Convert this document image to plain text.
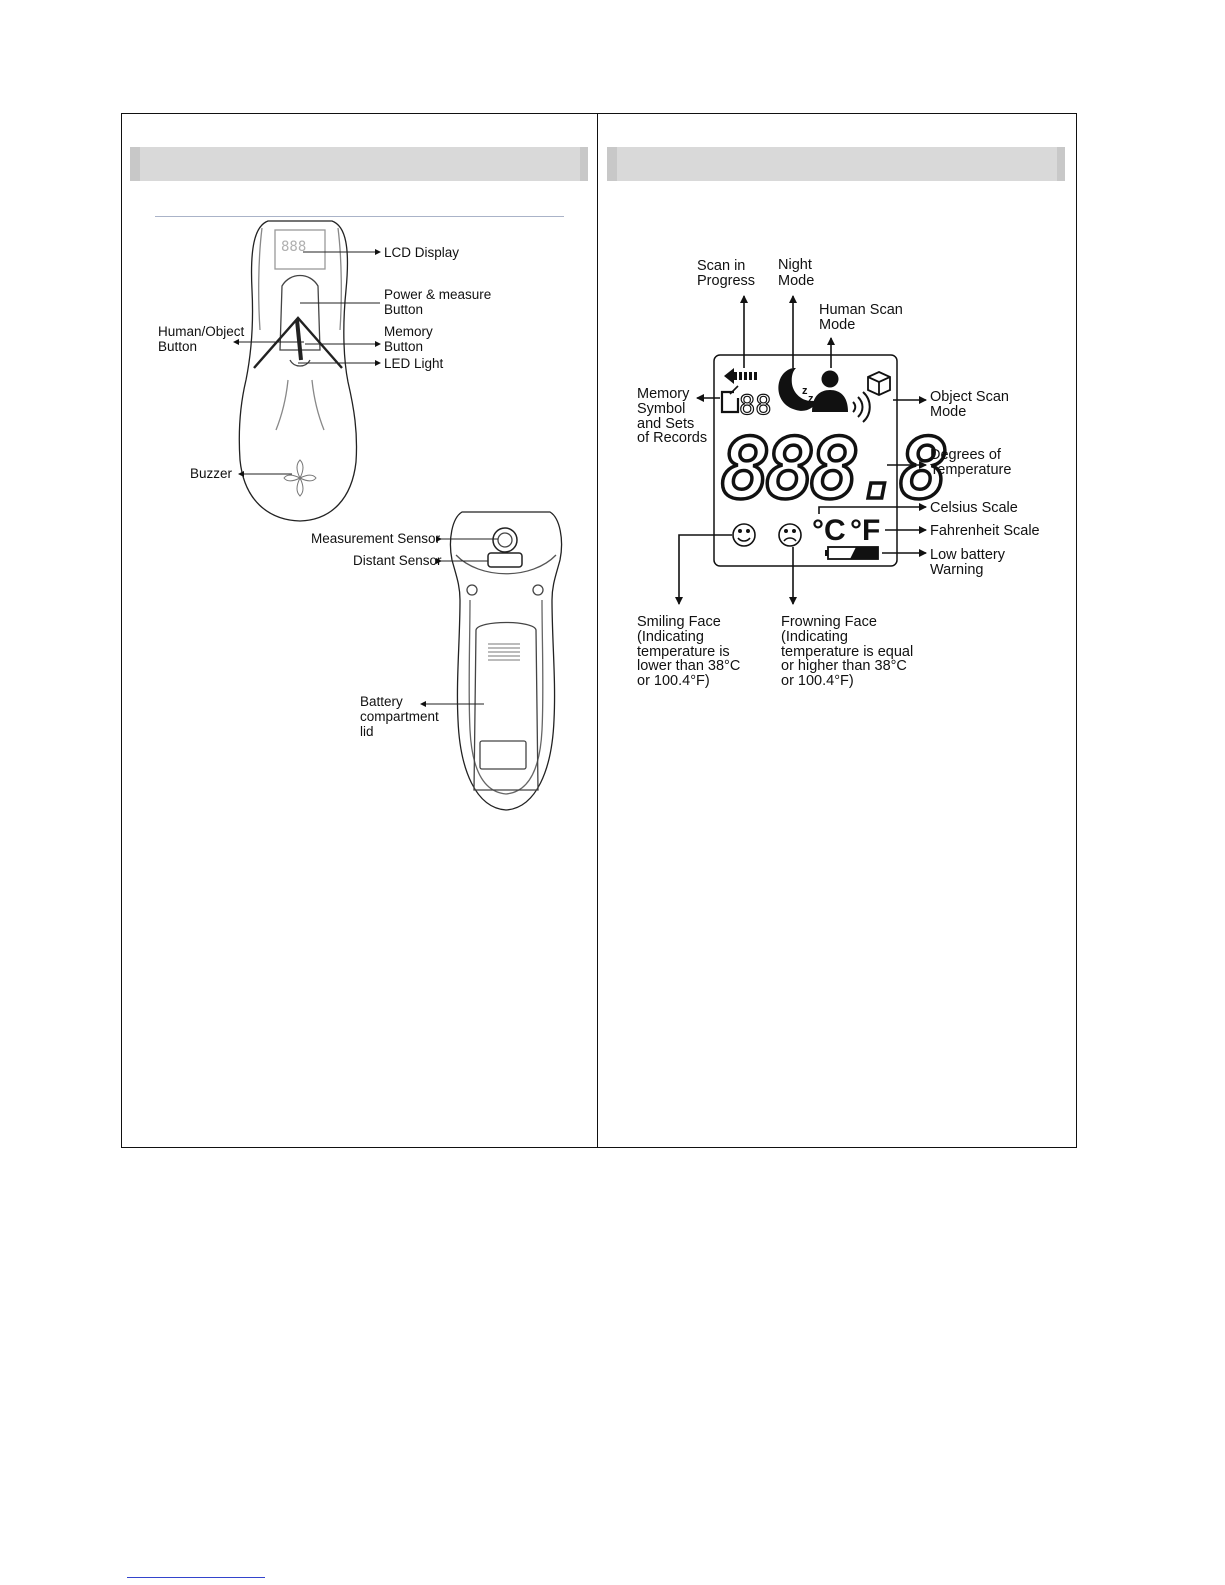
888	LCD Display
Power & measure
Button
Human/Object
Button
Memory
Button
LED Light
Buzzer
Measurement Sensor
Distant Sensor
Battery
compartment
lid
88	z
z
888.8
°C °F
Scan in
Progress
Night
Mode
Human Scan
Mode
Memory
Symbol
and Sets
of Records
Object Scan
Mode
Degrees of
Temperature
Celsius Scale
Fahrenheit Scale
Low battery
Warning
Smiling Face
(Indicating
temperature is
lower than 38°C
or 100.4°F)
Frowning Face
(Indicating
temperature is equal
or higher than 38°C
or 100.4°F)
